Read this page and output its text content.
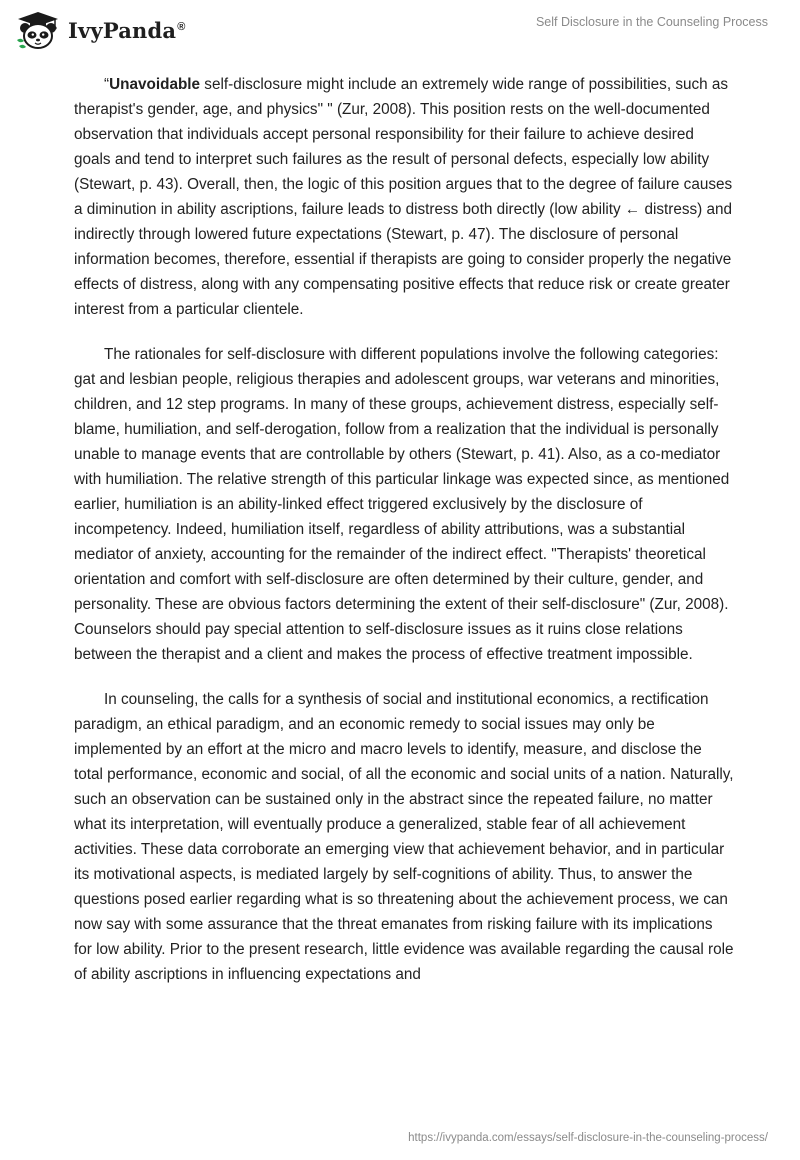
IvyPanda®	Self Disclosure in the Counseling Process

“Unavoidable self-disclosure might include an extremely wide range of possibilities, such as therapist's gender, age, and physics" " (Zur, 2008). This position rests on the well-documented observation that individuals accept personal responsibility for their failure to achieve desired goals and tend to interpret such failures as the result of personal defects, especially low ability (Stewart, p. 43). Overall, then, the logic of this position argues that to the degree of failure causes a diminution in ability ascriptions, failure leads to distress both directly (low ability ← distress) and indirectly through lowered future expectations (Stewart, p. 47). The disclosure of personal information becomes, therefore, essential if therapists are going to consider properly the negative effects of distress, along with any compensating positive effects that reduce risk or create greater interest from a particular clientele.

The rationales for self-disclosure with different populations involve the following categories: gat and lesbian people, religious therapies and adolescent groups, war veterans and minorities, children, and 12 step programs. In many of these groups, achievement distress, especially self-blame, humiliation, and self-derogation, follow from a realization that the individual is personally unable to manage events that are controllable by others (Stewart, p. 41). Also, as a co-mediator with humiliation. The relative strength of this particular linkage was expected since, as mentioned earlier, humiliation is an ability-linked effect triggered exclusively by the disclosure of incompetency. Indeed, humiliation itself, regardless of ability attributions, was a substantial mediator of anxiety, accounting for the remainder of the indirect effect. "Therapists' theoretical orientation and comfort with self-disclosure are often determined by their culture, gender, and personality. These are obvious factors determining the extent of their self-disclosure" (Zur, 2008). Counselors should pay special attention to self-disclosure issues as it ruins close relations between the therapist and a client and makes the process of effective treatment impossible.

In counseling, the calls for a synthesis of social and institutional economics, a rectification paradigm, an ethical paradigm, and an economic remedy to social issues may only be implemented by an effort at the micro and macro levels to identify, measure, and disclose the total performance, economic and social, of all the economic and social units of a nation. Naturally, such an observation can be sustained only in the abstract since the repeated failure, no matter what its interpretation, will eventually produce a generalized, stable fear of all achievement activities. These data corroborate an emerging view that achievement behavior, and in particular its motivational aspects, is mediated largely by self-cognitions of ability. Thus, to answer the questions posed earlier regarding what is so threatening about the achievement process, we can now say with some assurance that the threat emanates from risking failure with its implications for low ability. Prior to the present research, little evidence was available regarding the causal role of ability ascriptions in influencing expectations and

https://ivypanda.com/essays/self-disclosure-in-the-counseling-process/
